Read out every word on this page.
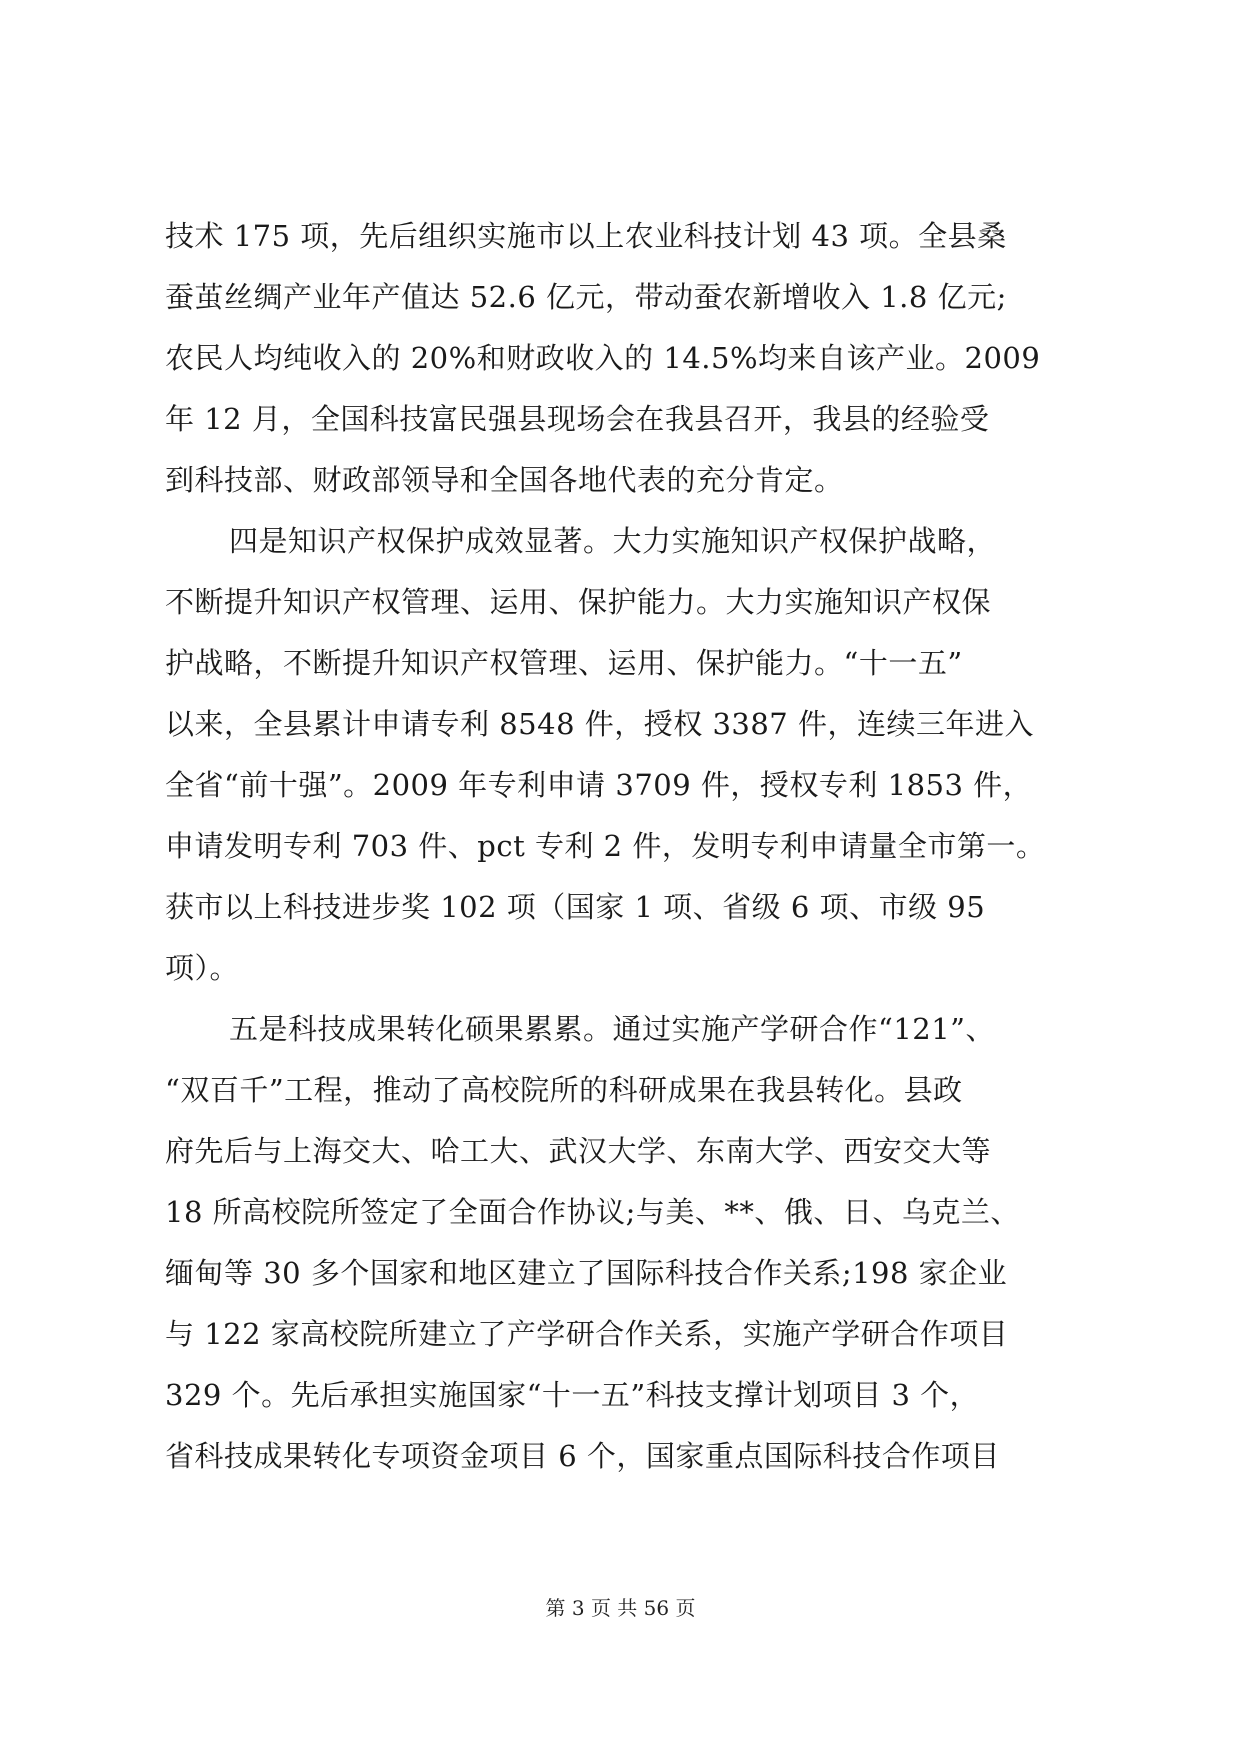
技术 175 项，先后组织实施市以上农业科技计划 43 项。全县桑
蚕茧丝绸产业年产值达 52.6 亿元，带动蚕农新增收入 1.8 亿元;
农民人均纯收入的 20%和财政收入的 14.5%均来自该产业。2009
年 12 月，全国科技富民强县现场会在我县召开，我县的经验受
到科技部、财政部领导和全国各地代表的充分肯定。
四是知识产权保护成效显著。大力实施知识产权保护战略，
不断提升知识产权管理、运用、保护能力。大力实施知识产权保
护战略，不断提升知识产权管理、运用、保护能力。“十一五”
以来，全县累计申请专利 8548 件，授权 3387 件，连续三年进入
全省“前十强”。2009 年专利申请 3709 件，授权专利 1853 件，
申请发明专利 703 件、pct 专利 2 件，发明专利申请量全市第一。
获市以上科技进步奖 102 项（国家 1 项、省级 6 项、市级 95
项）。
五是科技成果转化硕果累累。通过实施产学研合作“121”、
“双百千”工程，推动了高校院所的科研成果在我县转化。县政
府先后与上海交大、哈工大、武汉大学、东南大学、西安交大等
18 所高校院所签定了全面合作协议;与美、**、俄、日、乌克兰、
缅甸等 30 多个国家和地区建立了国际科技合作关系;198 家企业
与 122 家高校院所建立了产学研合作关系，实施产学研合作项目
329 个。先后承担实施国家“十一五”科技支撑计划项目 3 个，
省科技成果转化专项资金项目 6 个，国家重点国际科技合作项目
第 3 页 共 56 页
